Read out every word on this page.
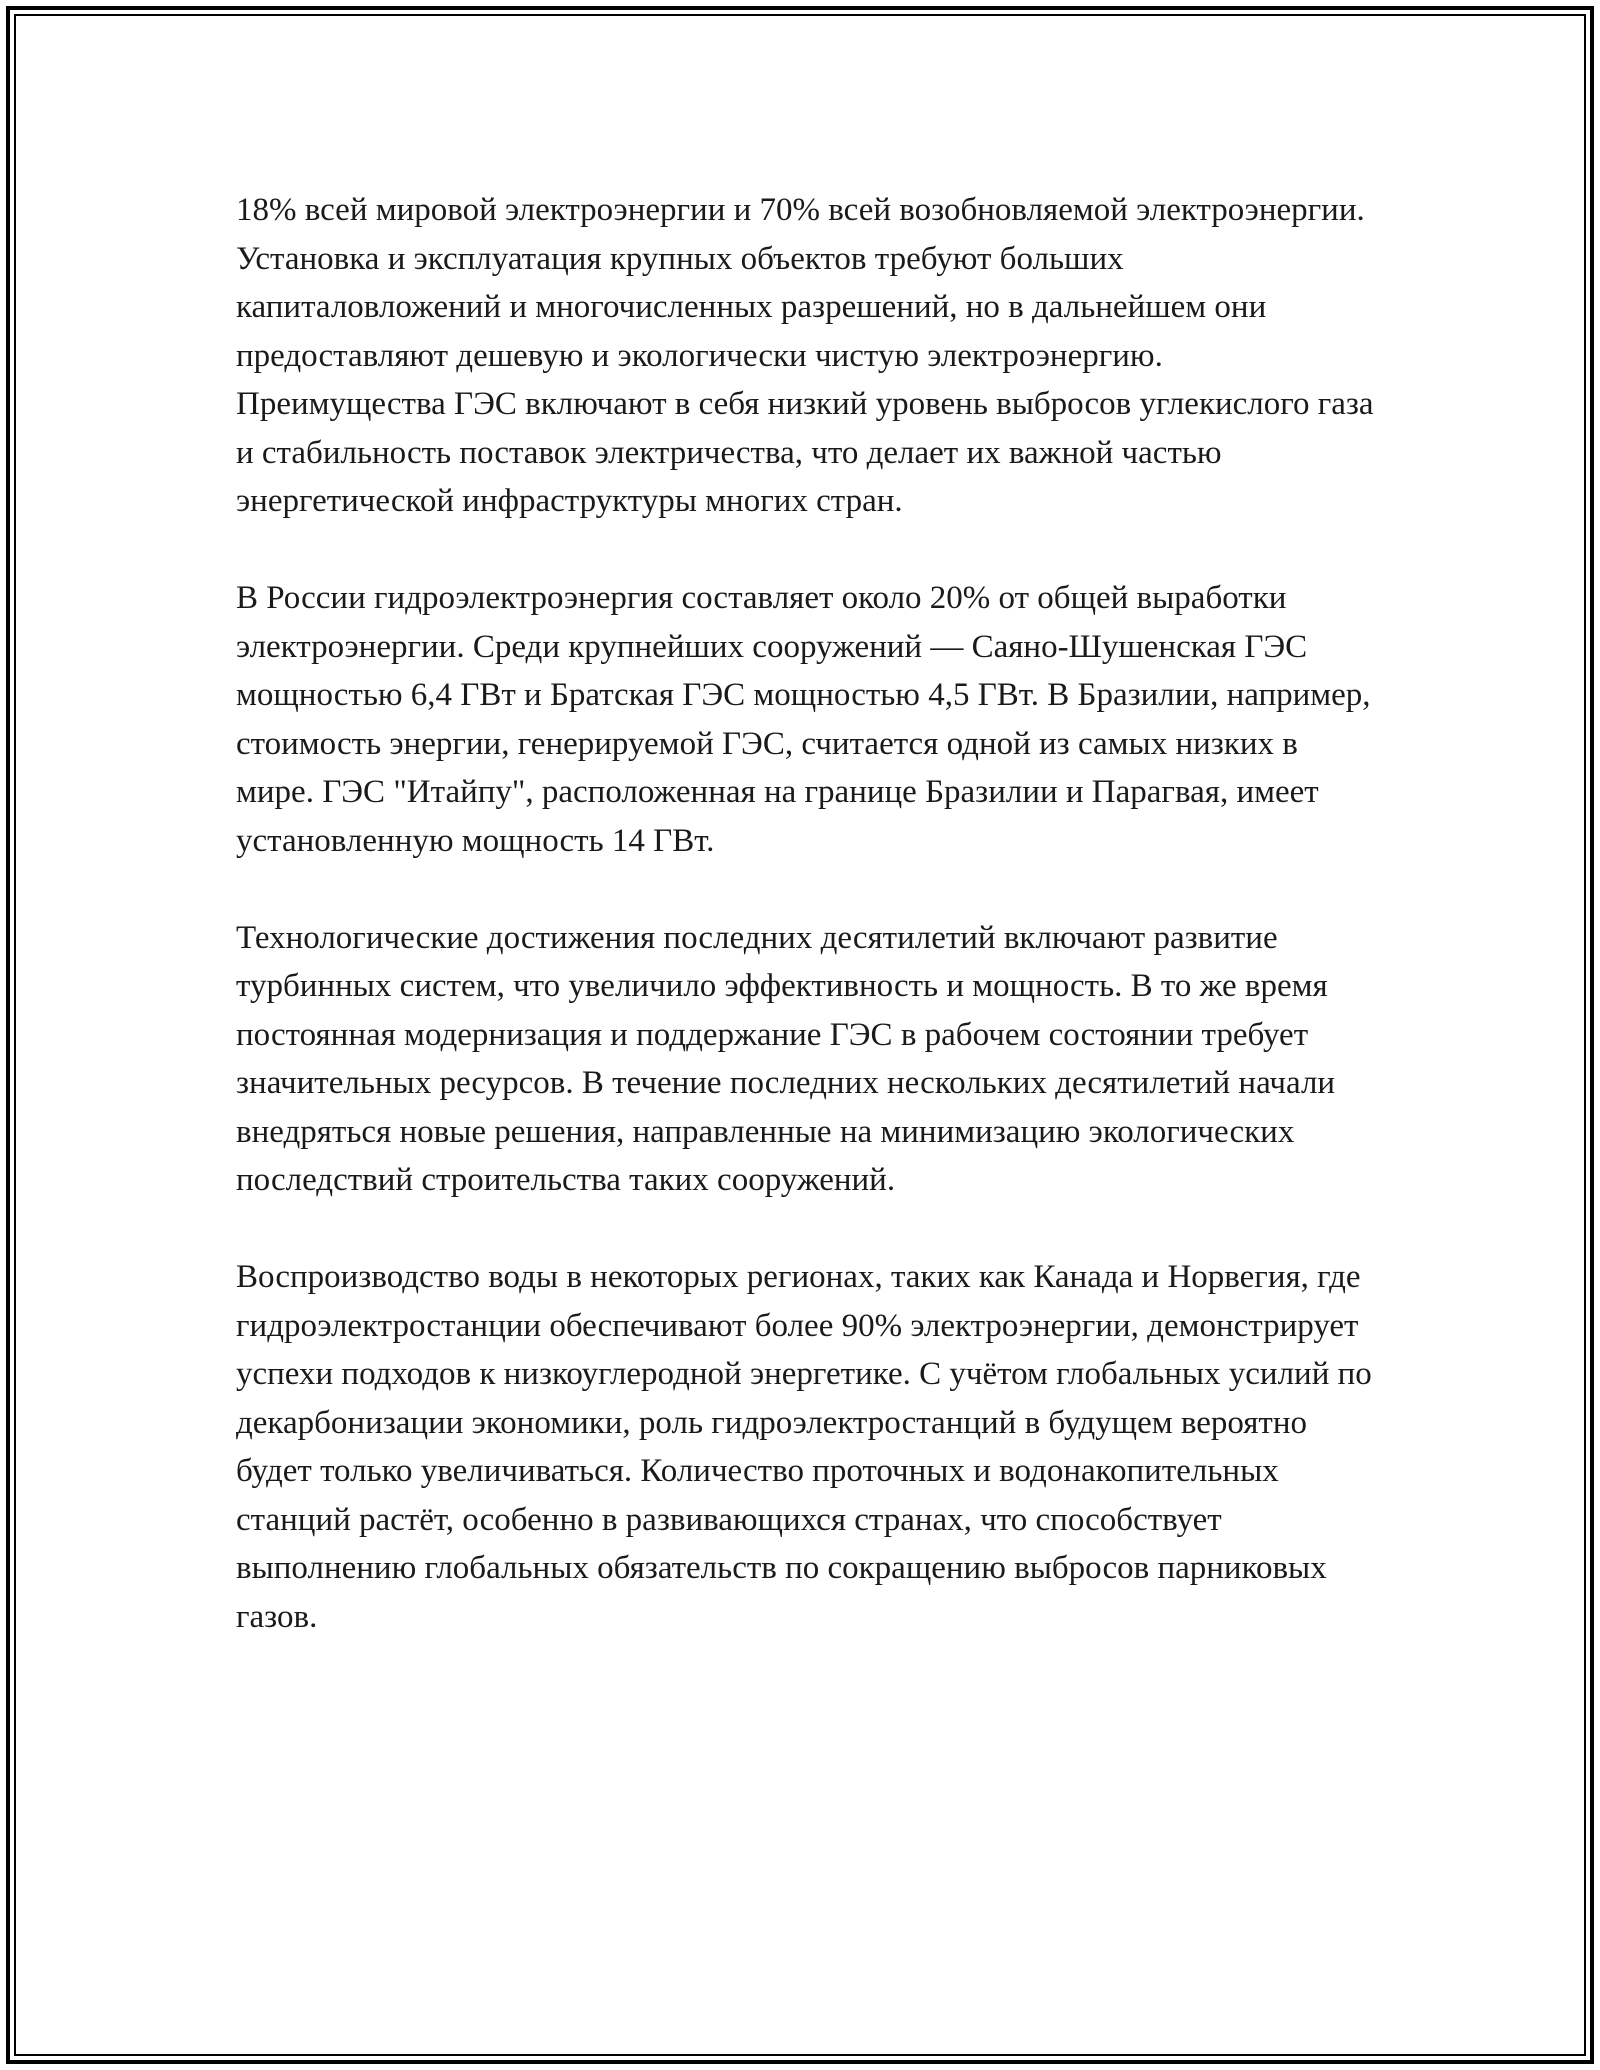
18% всей мировой электроэнергии и 70% всей возобновляемой электроэнергии. Установка и эксплуатация крупных объектов требуют больших капиталовложений и многочисленных разрешений, но в дальнейшем они предоставляют дешевую и экологически чистую электроэнергию. Преимущества ГЭС включают в себя низкий уровень выбросов углекислого газа и стабильность поставок электричества, что делает их важной частью энергетической инфраструктуры многих стран.

В России гидроэлектроэнергия составляет около 20% от общей выработки электроэнергии. Среди крупнейших сооружений — Саяно-Шушенская ГЭС мощностью 6,4 ГВт и Братская ГЭС мощностью 4,5 ГВт. В Бразилии, например, стоимость энергии, генерируемой ГЭС, считается одной из самых низких в мире. ГЭС "Итайпу", расположенная на границе Бразилии и Парагвая, имеет установленную мощность 14 ГВт.

Технологические достижения последних десятилетий включают развитие турбинных систем, что увеличило эффективность и мощность. В то же время постоянная модернизация и поддержание ГЭС в рабочем состоянии требует значительных ресурсов. В течение последних нескольких десятилетий начали внедряться новые решения, направленные на минимизацию экологических последствий строительства таких сооружений.

Воспроизводство воды в некоторых регионах, таких как Канада и Норвегия, где гидроэлектростанции обеспечивают более 90% электроэнергии, демонстрирует успехи подходов к низкоуглеродной энергетике. С учётом глобальных усилий по декарбонизации экономики, роль гидроэлектростанций в будущем вероятно будет только увеличиваться. Количество проточных и водонакопительных станций растёт, особенно в развивающихся странах, что способствует выполнению глобальных обязательств по сокращению выбросов парниковых газов.
